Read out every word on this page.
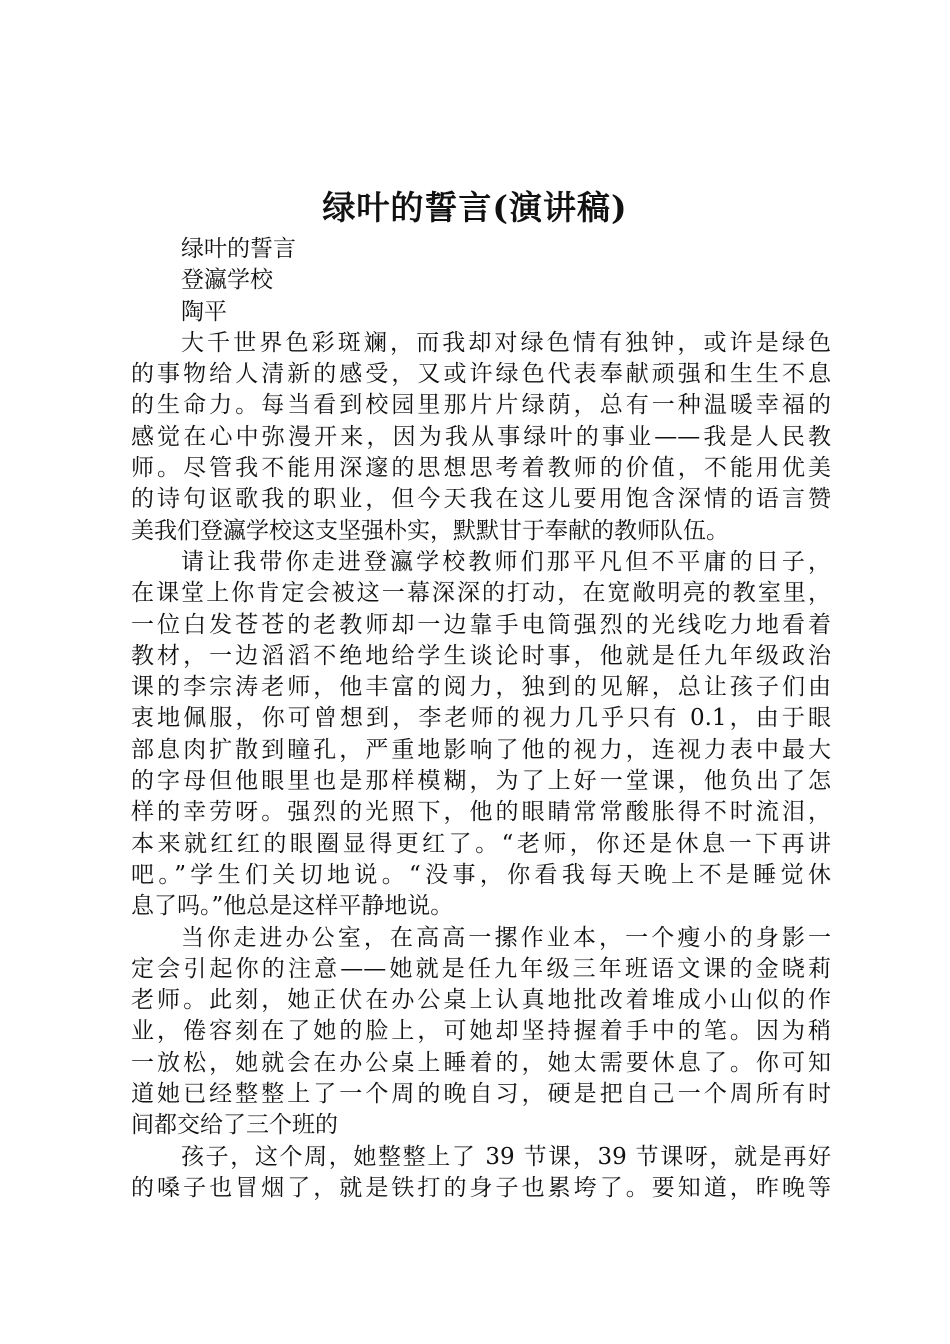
绿叶的誓言(演讲稿)
绿叶的誓言
登瀛学校
陶平
大千世界色彩斑斓，而我却对绿色情有独钟，或许是绿色
的事物给人清新的感受，又或许绿色代表奉献顽强和生生不息
的生命力。每当看到校园里那片片绿荫，总有一种温暖幸福的
感觉在心中弥漫开来，因为我从事绿叶的事业——我是人民教
师。尽管我不能用深邃的思想思考着教师的价值，不能用优美
的诗句讴歌我的职业，但今天我在这儿要用饱含深情的语言赞
美我们登瀛学校这支坚强朴实，默默甘于奉献的教师队伍。
请让我带你走进登瀛学校教师们那平凡但不平庸的日子，
在课堂上你肯定会被这一幕深深的打动，在宽敞明亮的教室里，
一位白发苍苍的老教师却一边靠手电筒强烈的光线吃力地看着
教材，一边滔滔不绝地给学生谈论时事，他就是任九年级政治
课的李宗涛老师，他丰富的阅力，独到的见解，总让孩子们由
衷地佩服，你可曾想到，李老师的视力几乎只有 0.1，由于眼
部息肉扩散到瞳孔，严重地影响了他的视力，连视力表中最大
的字母但他眼里也是那样模糊，为了上好一堂课，他负出了怎
样的幸劳呀。强烈的光照下，他的眼睛常常酸胀得不时流泪，
本来就红红的眼圈显得更红了。“老师，你还是休息一下再讲
吧。”学生们关切地说。“没事，你看我每天晚上不是睡觉休
息了吗。”他总是这样平静地说。
当你走进办公室，在高高一摞作业本，一个瘦小的身影一
定会引起你的注意——她就是任九年级三年班语文课的金晓莉
老师。此刻，她正伏在办公桌上认真地批改着堆成小山似的作
业，倦容刻在了她的脸上，可她却坚持握着手中的笔。因为稍
一放松，她就会在办公桌上睡着的，她太需要休息了。你可知
道她已经整整上了一个周的晚自习，硬是把自己一个周所有时
间都交给了三个班的
孩子，这个周，她整整上了 39 节课，39 节课呀，就是再好
的嗓子也冒烟了，就是铁打的身子也累垮了。要知道，昨晚等
